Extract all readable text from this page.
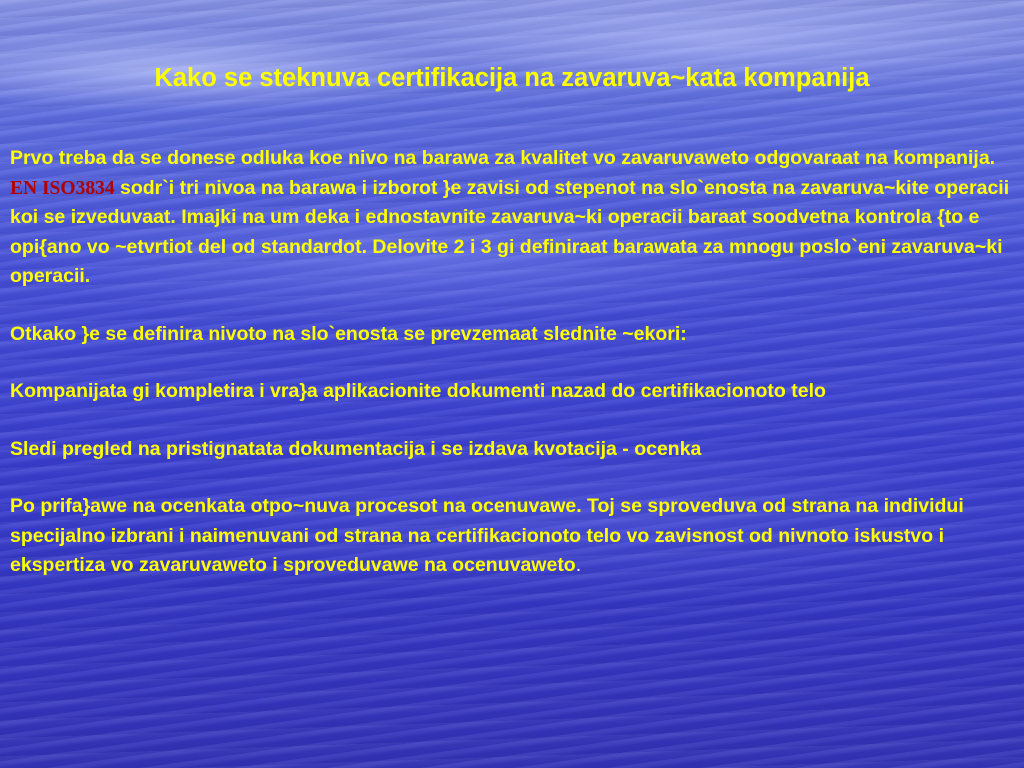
Kako se steknuva certifikacija na zavaruva~kata kompanija

Prvo treba da se donese odluka koe nivo na barawa za kvalitet vo zavaruvaweto odgovaraat na kompanija.

EN ISO3834 sodr`i tri nivoa na barawa i izborot }e zavisi od stepenot na slo`enosta na zavaruva~kite operacii koi se izveduvaat. Imajki na um deka i ednostavnite zavaruva~ki operacii baraat soodvetna kontrola {to e opi{ano vo ~etvrtiot del od standardot. Delovite 2 i 3 gi definiraat barawata za mnogu poslo`eni zavaruva~ki operacii.

Otkako }e se definira nivoto na slo`enosta se prevzemaat slednite ~ekori:

Kompanijata gi kompletira i vra}a aplikacionite dokumenti nazad do certifikacionoto telo

Sledi pregled na pristignatata dokumentacija i se izdava kvotacija - ocenka

Po prifa}awe na ocenkata otpo~nuva procesot na ocenuvawe. Toj se sproveduva od strana na individui specijalno izbrani i naimenuvani od strana na certifikacionoto telo vo zavisnost od nivnoto iskustvo i ekspertiza vo zavaruvaweto i sproveduvawe na ocenuvaweto.
